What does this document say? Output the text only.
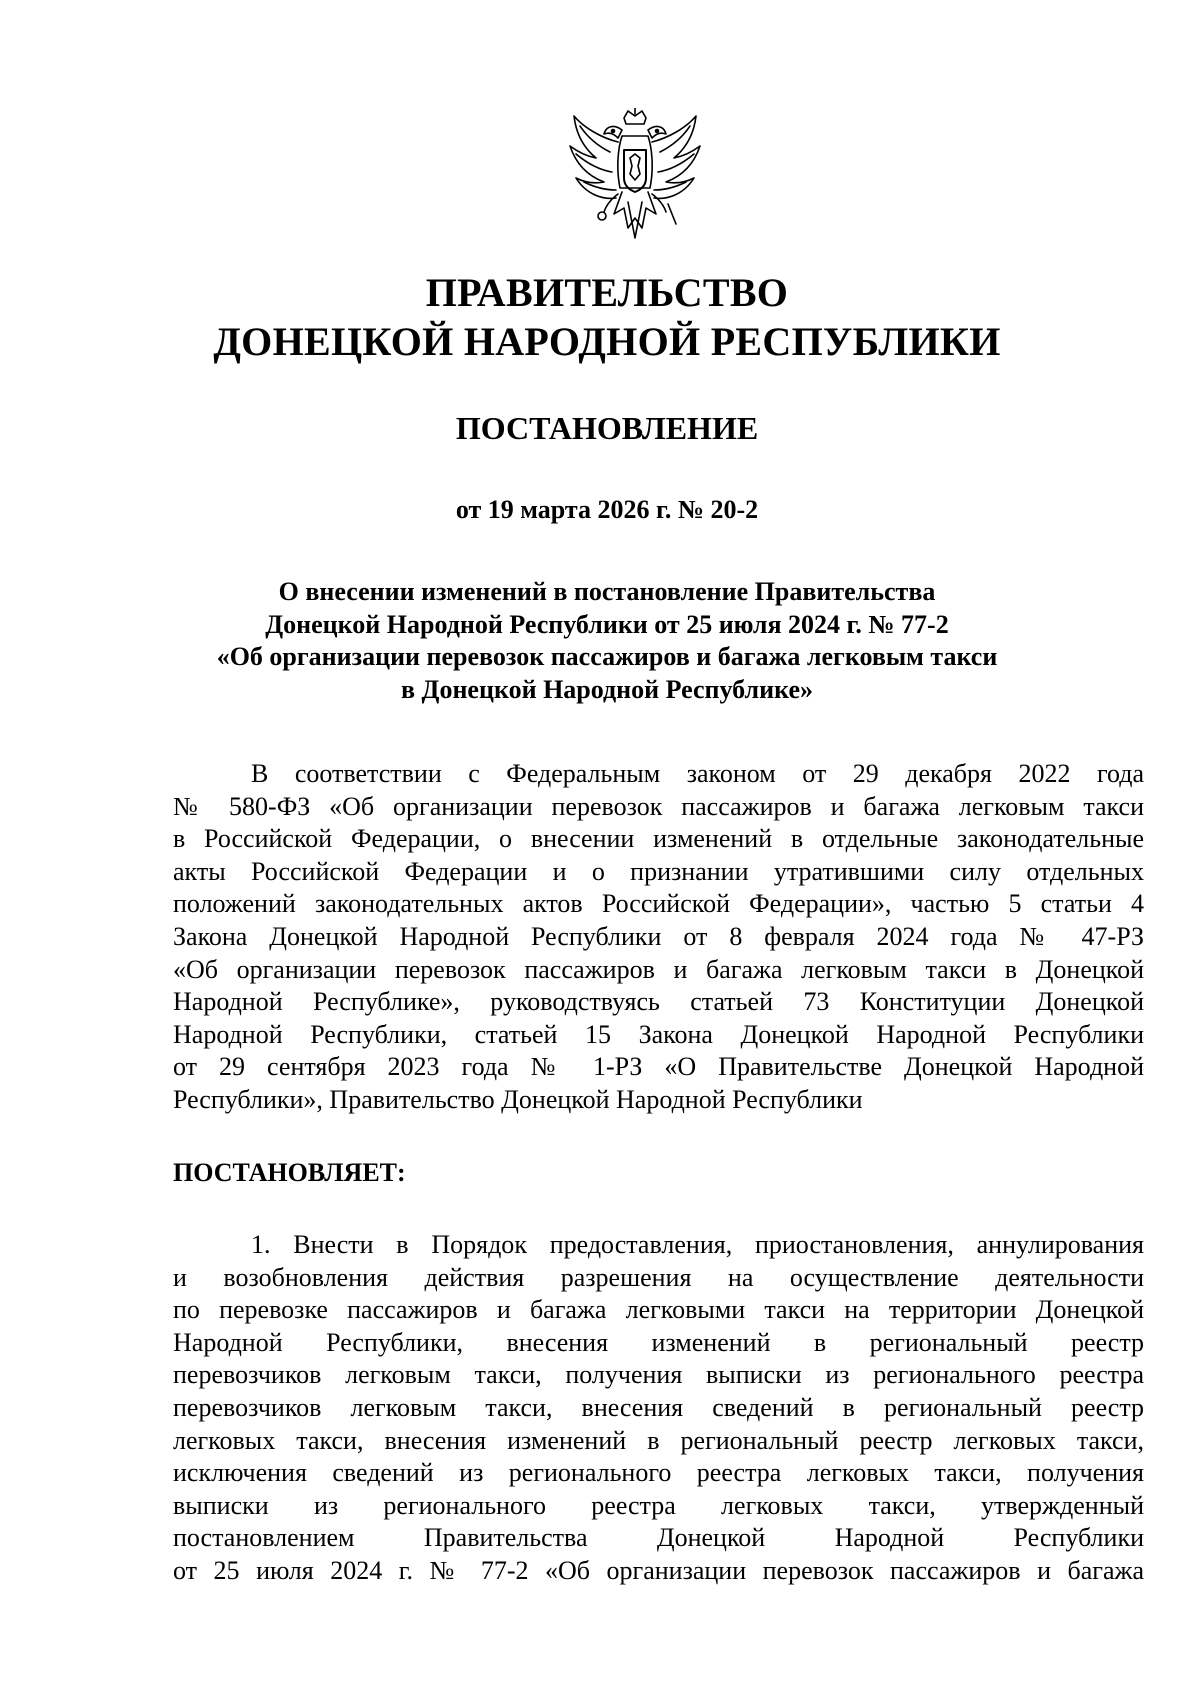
ПРАВИТЕЛЬСТВО
ДОНЕЦКОЙ НАРОДНОЙ РЕСПУБЛИКИ
ПОСТАНОВЛЕНИЕ
от 19 марта 2026 г. № 20-2
О внесении изменений в постановление Правительства
Донецкой Народной Республики от 25 июля 2024 г. № 77-2
«Об организации перевозок пассажиров и багажа легковым такси
в Донецкой Народной Республике»
В соответствии с Федеральным законом от 29 декабря 2022 года
№ 580-ФЗ «Об организации перевозок пассажиров и багажа легковым такси
в Российской Федерации, о внесении изменений в отдельные законодательные
акты Российской Федерации и о признании утратившими силу отдельных
положений законодательных актов Российской Федерации», частью 5 статьи 4
Закона Донецкой Народной Республики от 8 февраля 2024 года № 47-РЗ
«Об организации перевозок пассажиров и багажа легковым такси в Донецкой
Народной Республике», руководствуясь статьей 73 Конституции Донецкой
Народной Республики, статьей 15 Закона Донецкой Народной Республики
от 29 сентября 2023 года № 1-РЗ «О Правительстве Донецкой Народной
Республики», Правительство Донецкой Народной Республики
ПОСТАНОВЛЯЕТ:
1. Внести в Порядок предоставления, приостановления, аннулирования
и возобновления действия разрешения на осуществление деятельности
по перевозке пассажиров и багажа легковыми такси на территории Донецкой
Народной Республики, внесения изменений в региональный реестр
перевозчиков легковым такси, получения выписки из регионального реестра
перевозчиков легковым такси, внесения сведений в региональный реестр
легковых такси, внесения изменений в региональный реестр легковых такси,
исключения сведений из регионального реестра легковых такси, получения
выписки из регионального реестра легковых такси, утвержденный
постановлением Правительства Донецкой Народной Республики
от 25 июля 2024 г. № 77-2 «Об организации перевозок пассажиров и багажа
